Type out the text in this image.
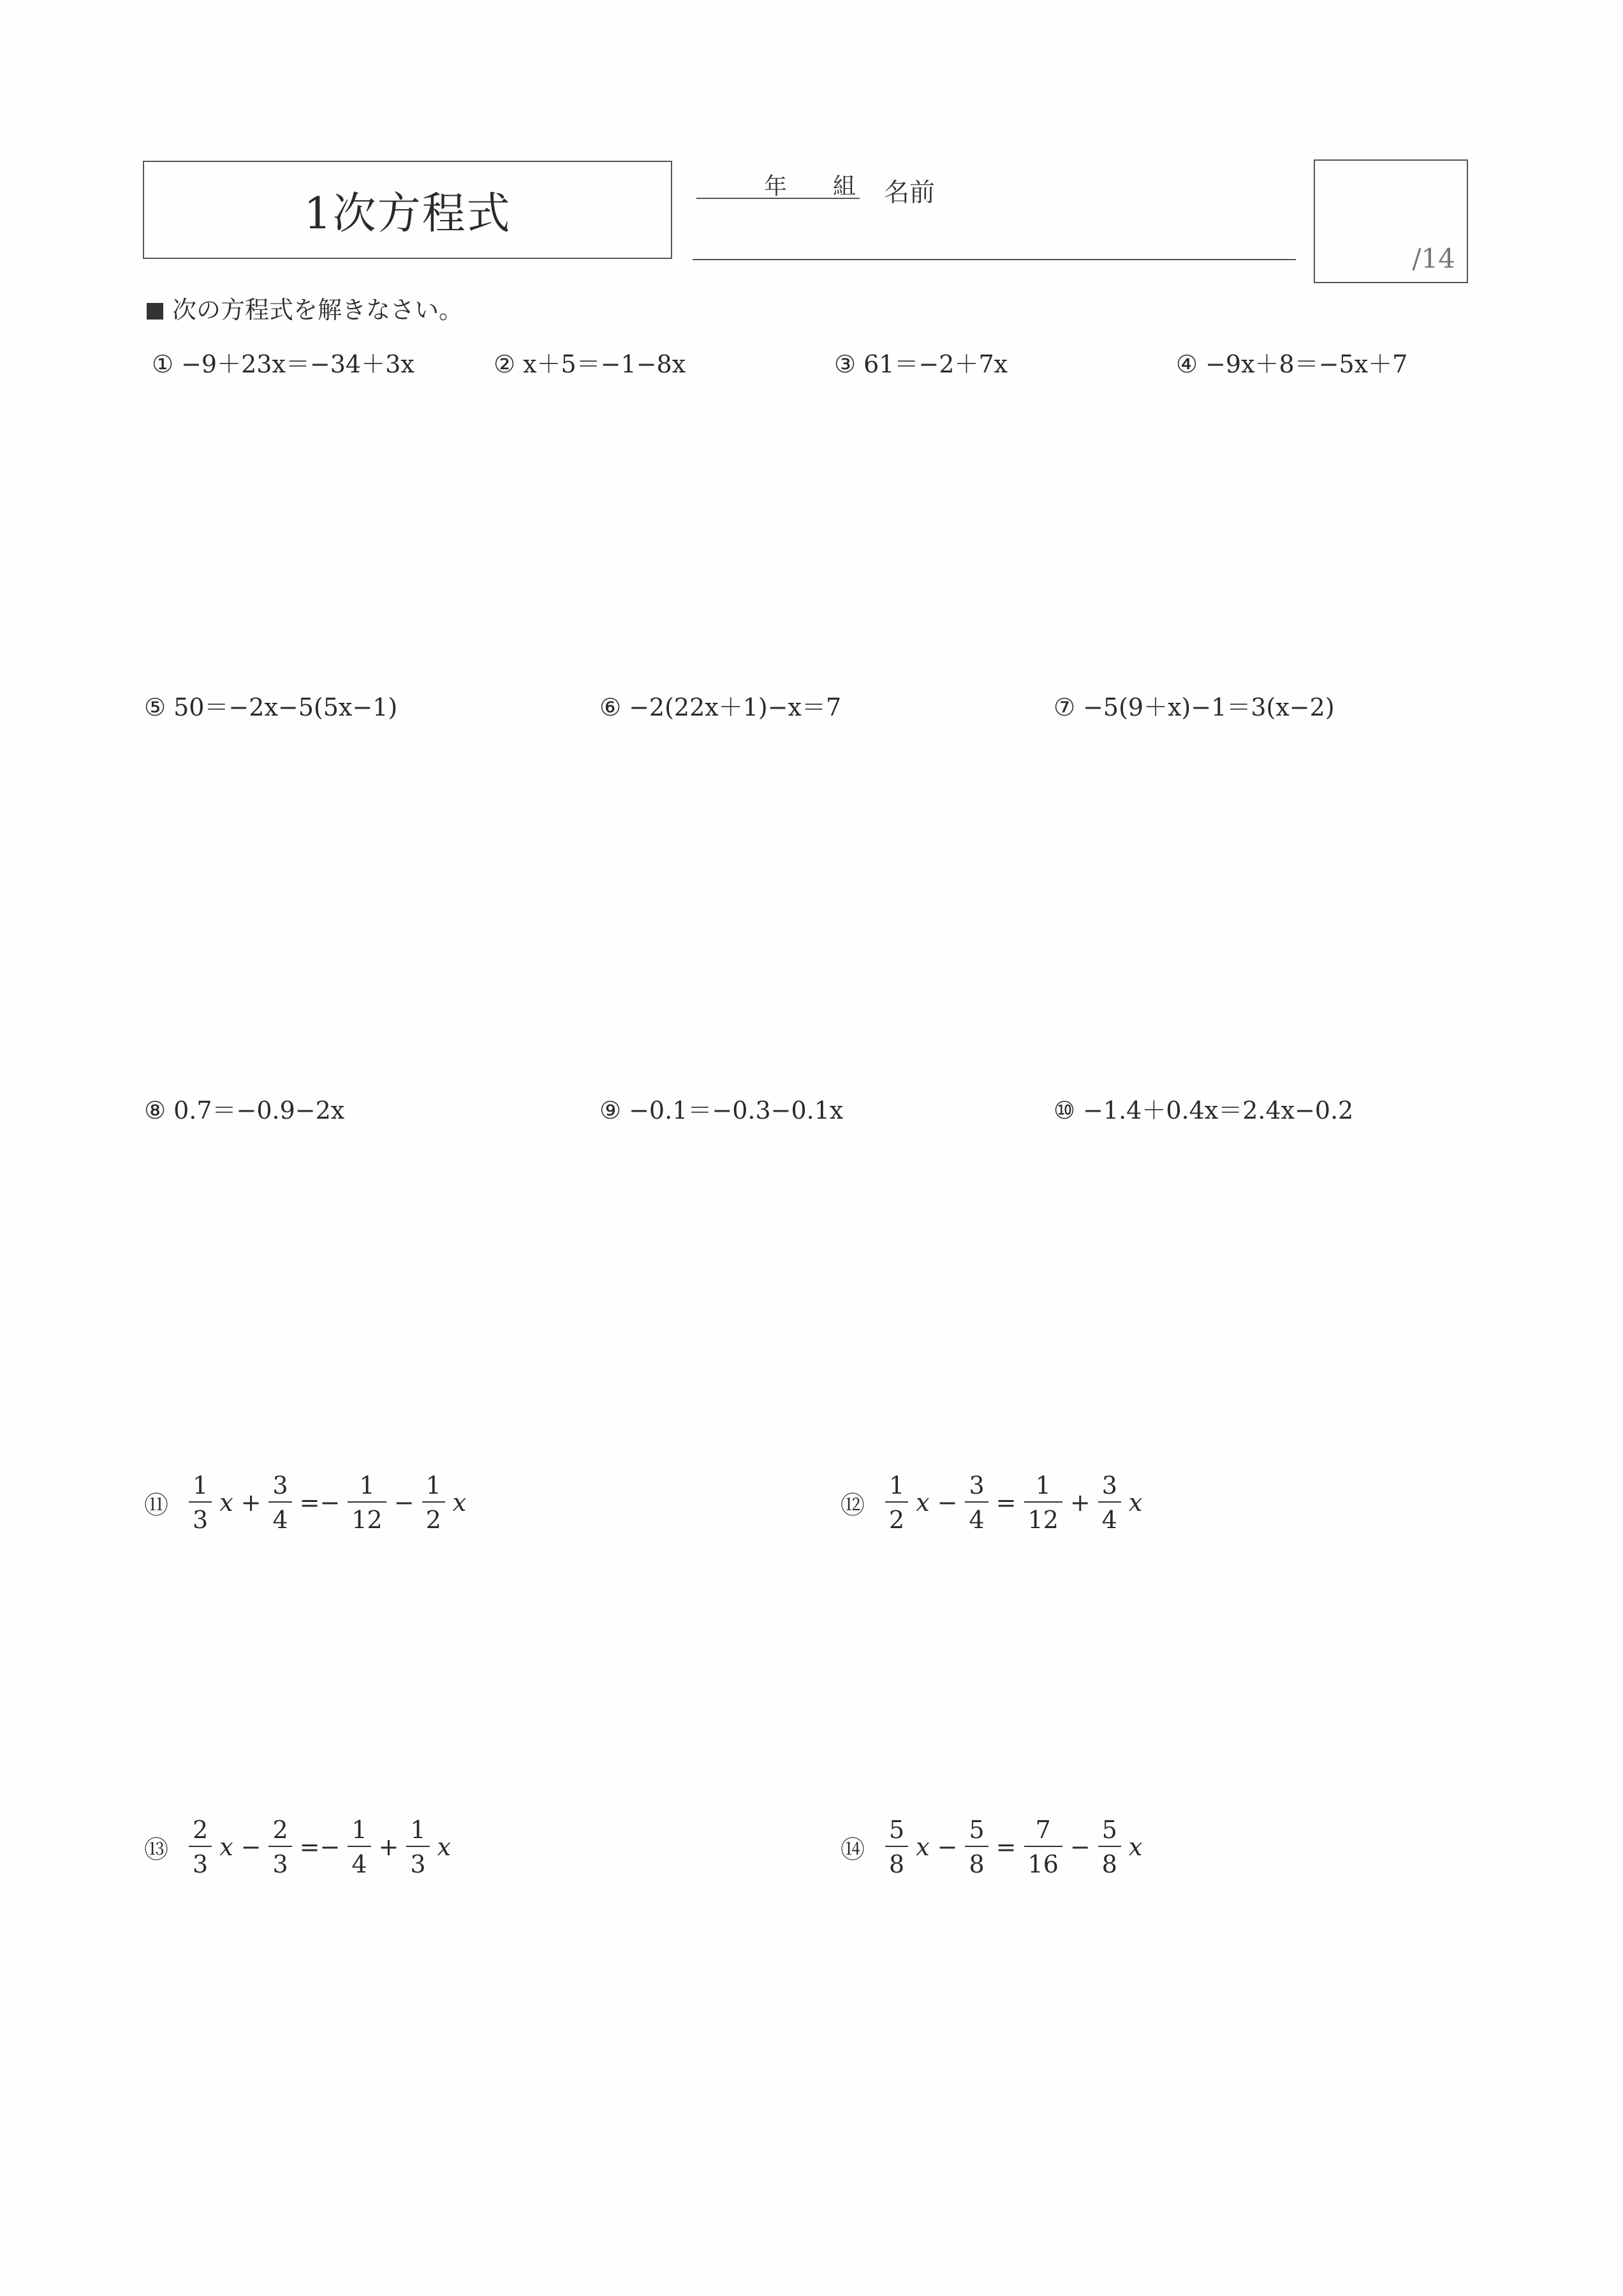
1次方程式
年 組 名前
/14
次の方程式を解きなさい。
① −9＋23x＝−34＋3x	② x＋5＝−1−8x	③ 61＝−2＋7x	④ −9x＋8＝−5x＋7
⑤ 50＝−2x−5(5x−1)	⑥ −2(22x＋1)−x＝7	⑦ −5(9＋x)−1＝3(x−2)
⑧ 0.7＝−0.9−2x	⑨ −0.1＝−0.3−0.1x	⑩ −1.4＋0.4x＝2.4x−0.2
⑪ $\frac{1}{3}$ $x + \frac{3}{4} =- \frac{1}{12} - \frac{1}{2}$ x	⑫ $\frac{1}{2}$ $x - \frac{3}{4} = \frac{1}{12} + \frac{3}{4}$ x
⑬ $\frac{2}{3}$ $x - \frac{2}{3} =- \frac{1}{4} + \frac{1}{3}$ x	⑭ $\frac{5}{8}$ $x - \frac{5}{8} = \frac{7}{16} - \frac{5}{8}$ x
